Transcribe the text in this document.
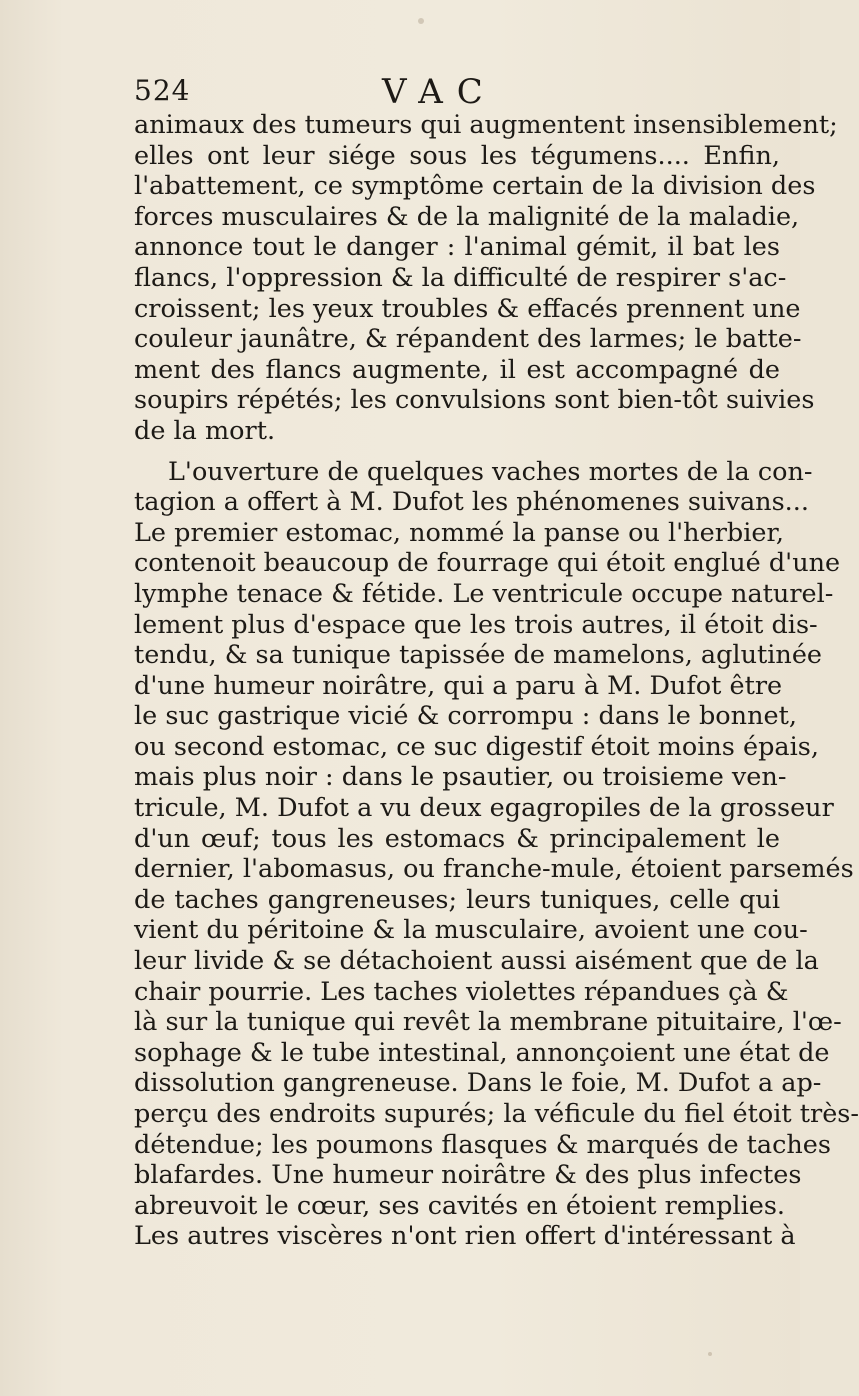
524	VAC
animaux des tumeurs qui augmentent insensiblement;
elles ont leur siége sous les tégumens.... Enfin,
l'abattement, ce symptôme certain de la division des
forces musculaires & de la malignité de la maladie,
annonce tout le danger : l'animal gémit, il bat les
flancs, l'oppression & la difficulté de respirer s'ac-
croissent; les yeux troubles & effacés prennent une
couleur jaunâtre, & répandent des larmes; le batte-
ment des flancs augmente, il est accompagné de
soupirs répétés; les convulsions sont bien-tôt suivies
de la mort.
L'ouverture de quelques vaches mortes de la con-
tagion a offert à M. Dufot les phénomenes suivans...
Le premier estomac, nommé la panse ou l'herbier,
contenoit beaucoup de fourrage qui étoit englué d'une
lymphe tenace & fétide. Le ventricule occupe naturel-
lement plus d'espace que les trois autres, il étoit dis-
tendu, & sa tunique tapissée de mamelons, aglutinée
d'une humeur noirâtre, qui a paru à M. Dufot être
le suc gastrique vicié & corrompu : dans le bonnet,
ou second estomac, ce suc digestif étoit moins épais,
mais plus noir : dans le psautier, ou troisieme ven-
tricule, M. Dufot a vu deux egagropiles de la grosseur
d'un œuf; tous les estomacs & principalement le
dernier, l'abomasus, ou franche-mule, étoient parsemés
de taches gangreneuses; leurs tuniques, celle qui
vient du péritoine & la musculaire, avoient une cou-
leur livide & se détachoient aussi aisément que de la
chair pourrie. Les taches violettes répandues çà &
là sur la tunique qui revêt la membrane pituitaire, l'œ-
sophage & le tube intestinal, annonçoient une état de
dissolution gangreneuse. Dans le foie, M. Dufot a ap-
perçu des endroits supurés; la véficule du fiel étoit très-
détendue; les poumons flasques & marqués de taches
blafardes. Une humeur noirâtre & des plus infectes
abreuvoit le cœur, ses cavités en étoient remplies.
Les autres viscères n'ont rien offert d'intéressant à
